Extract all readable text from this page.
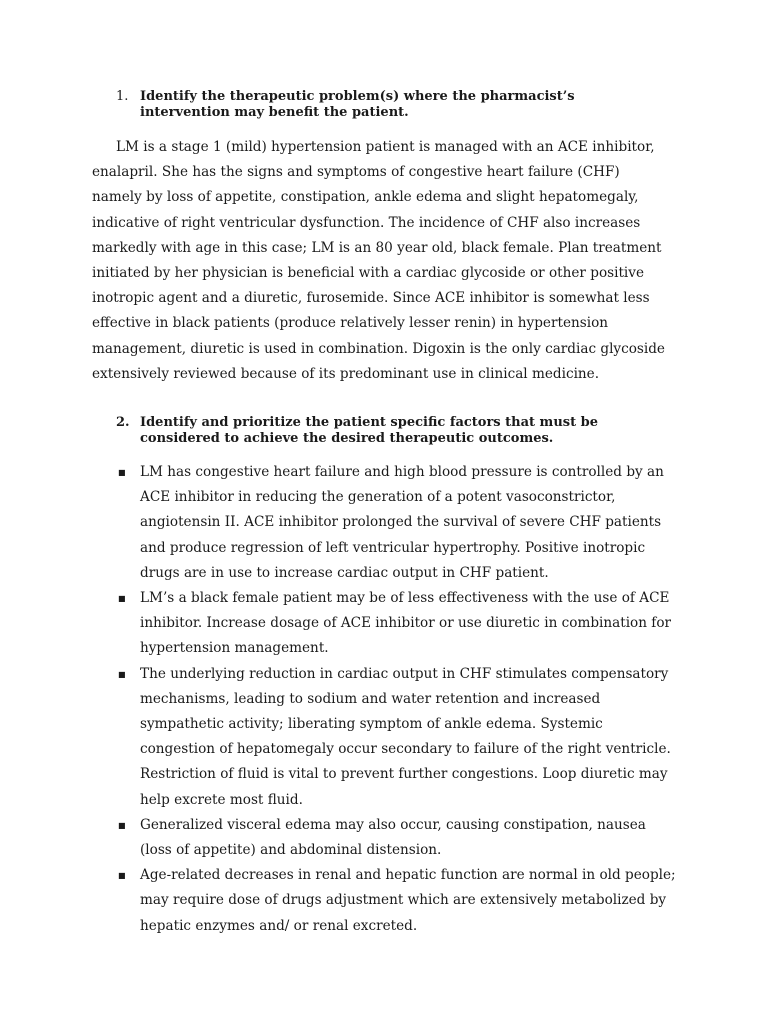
1. Identify the therapeutic problem(s) where the pharmacist’s intervention may benefit the patient.

LM is a stage 1 (mild) hypertension patient is managed with an ACE inhibitor, enalapril. She has the signs and symptoms of congestive heart failure (CHF) namely by loss of appetite, constipation, ankle edema and slight hepatomegaly, indicative of right ventricular dysfunction. The incidence of CHF also increases markedly with age in this case; LM is an 80 year old, black female. Plan treatment initiated by her physician is beneficial with a cardiac glycoside or other positive inotropic agent and a diuretic, furosemide. Since ACE inhibitor is somewhat less effective in black patients (produce relatively lesser renin) in hypertension management, diuretic is used in combination. Digoxin is the only cardiac glycoside extensively reviewed because of its predominant use in clinical medicine.

2. Identify and prioritize the patient specific factors that must be considered to achieve the desired therapeutic outcomes.
■	LM has congestive heart failure and high blood pressure is controlled by an ACE inhibitor in reducing the generation of a potent vasoconstrictor, angiotensin II. ACE inhibitor prolonged the survival of severe CHF patients and produce regression of left ventricular hypertrophy. Positive inotropic drugs are in use to increase cardiac output in CHF patient.
■	LM’s a black female patient may be of less effectiveness with the use of ACE inhibitor. Increase dosage of ACE inhibitor or use diuretic in combination for hypertension management.
■	The underlying reduction in cardiac output in CHF stimulates compensatory mechanisms, leading to sodium and water retention and increased sympathetic activity; liberating symptom of ankle edema. Systemic congestion of hepatomegaly occur secondary to failure of the right ventricle. Restriction of fluid is vital to prevent further congestions. Loop diuretic may help excrete most fluid.
■	Generalized visceral edema may also occur, causing constipation, nausea (loss of appetite) and abdominal distension.
■	Age-related decreases in renal and hepatic function are normal in old people; may require dose of drugs adjustment which are extensively metabolized by hepatic enzymes and/ or renal excreted.
